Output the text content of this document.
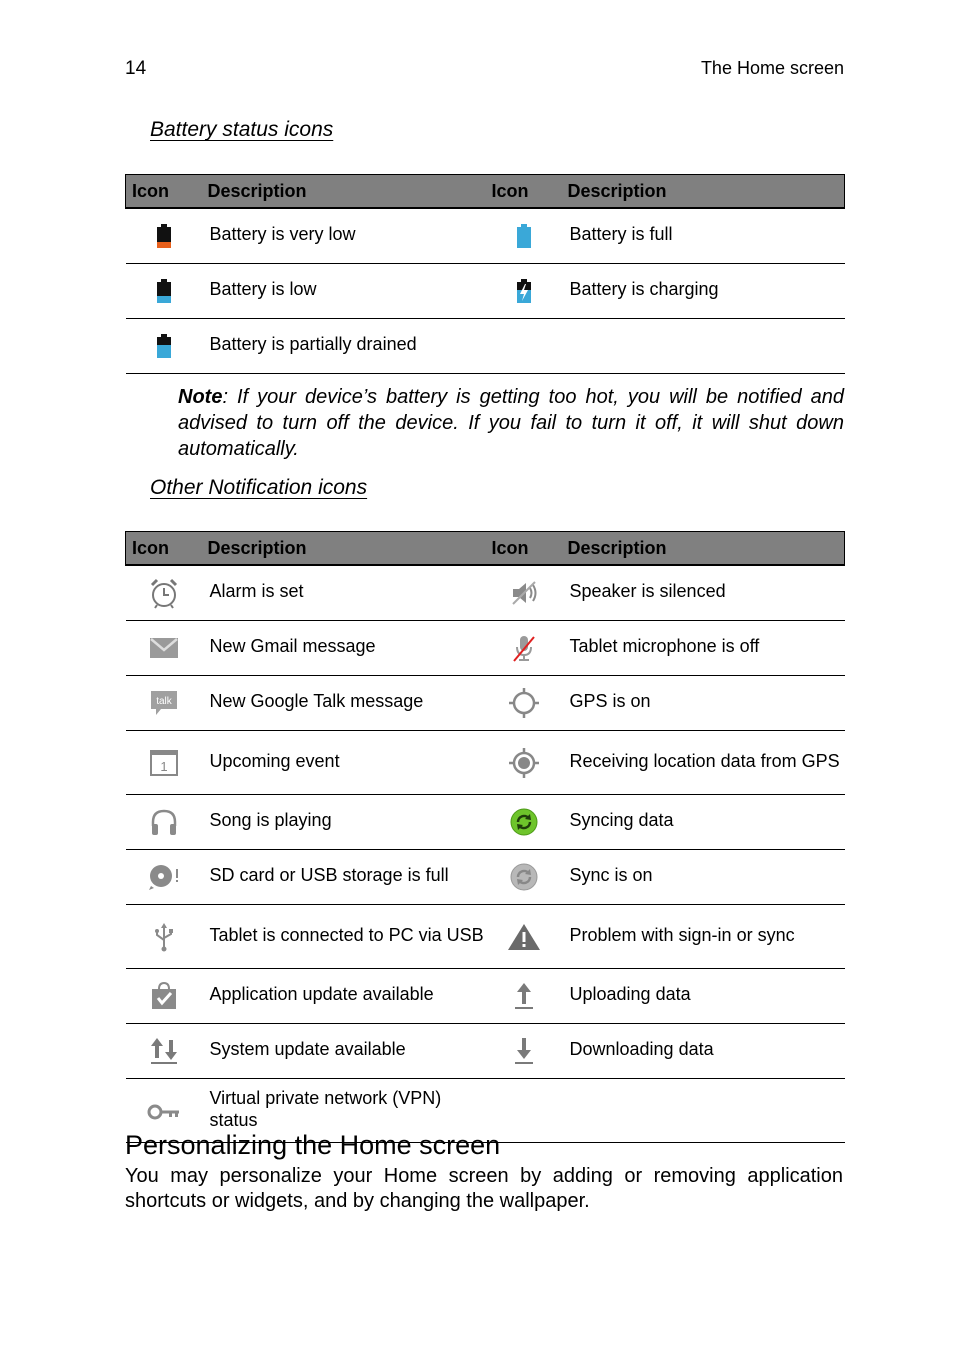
14	The Home screen
Battery status icons
Icon	Description	Icon	Description
	Battery is very low		Battery is full
	Battery is low		Battery is charging
	Battery is partially drained		
Note: If your device’s battery is getting too hot, you will be notified and advised to turn off the device. If you fail to turn it off, it will shut down automatically.
Other Notification icons
Icon	Description	Icon	Description
	Alarm is set		Speaker is silenced
	New Gmail message		Tablet microphone is off

talk	New Google Talk message		GPS is on

1	Upcoming event		Receiving location data from GPS
	Song is playing		Syncing data
	SD card or USB storage is full		Sync is on
	Tablet is connected to PC via USB		Problem with sign-in or sync
	Application update available		Uploading data
	System update available		Downloading data
	Virtual private network (VPN) status		
Personalizing the Home screen

You may personalize your Home screen by adding or removing application shortcuts or widgets, and by changing the wallpaper.
